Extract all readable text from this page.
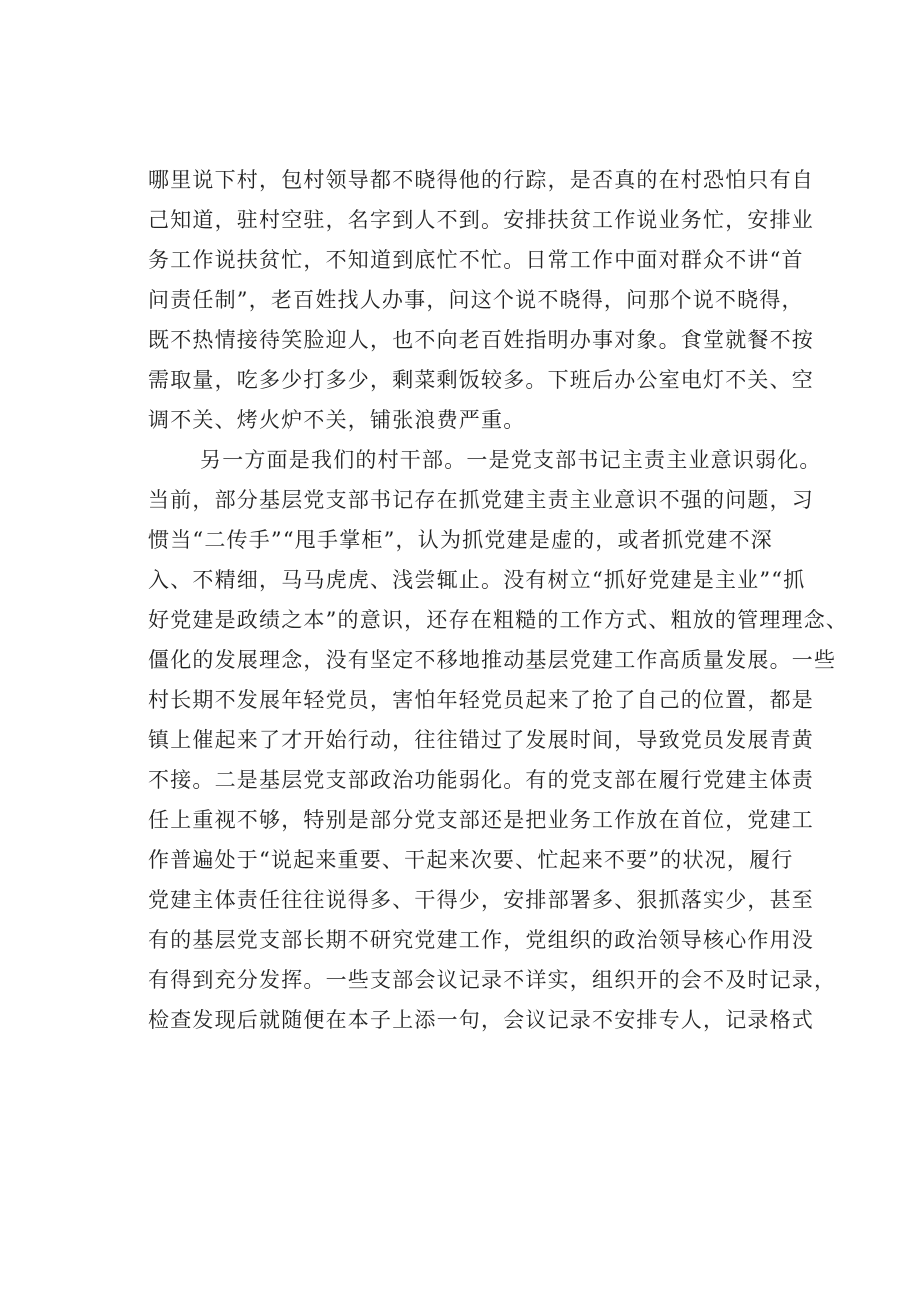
哪里说下村，包村领导都不晓得他的行踪，是否真的在村恐怕只有自
己知道，驻村空驻，名字到人不到。安排扶贫工作说业务忙，安排业
务工作说扶贫忙，不知道到底忙不忙。日常工作中面对群众不讲“首
问责任制”，老百姓找人办事，问这个说不晓得，问那个说不晓得，
既不热情接待笑脸迎人，也不向老百姓指明办事对象。食堂就餐不按
需取量，吃多少打多少，剩菜剩饭较多。下班后办公室电灯不关、空
调不关、烤火炉不关，铺张浪费严重。
另一方面是我们的村干部。一是党支部书记主责主业意识弱化。
当前，部分基层党支部书记存在抓党建主责主业意识不强的问题，习
惯当“二传手”“甩手掌柜”，认为抓党建是虚的，或者抓党建不深
入、不精细，马马虎虎、浅尝辄止。没有树立“抓好党建是主业”“抓
好党建是政绩之本”的意识，还存在粗糙的工作方式、粗放的管理理念、
僵化的发展理念，没有坚定不移地推动基层党建工作高质量发展。一些
村长期不发展年轻党员，害怕年轻党员起来了抢了自己的位置，都是
镇上催起来了才开始行动，往往错过了发展时间，导致党员发展青黄
不接。二是基层党支部政治功能弱化。有的党支部在履行党建主体责
任上重视不够，特别是部分党支部还是把业务工作放在首位，党建工
作普遍处于“说起来重要、干起来次要、忙起来不要”的状况，履行
党建主体责任往往说得多、干得少，安排部署多、狠抓落实少，甚至
有的基层党支部长期不研究党建工作，党组织的政治领导核心作用没
有得到充分发挥。一些支部会议记录不详实，组织开的会不及时记录，
检查发现后就随便在本子上添一句，会议记录不安排专人，记录格式
